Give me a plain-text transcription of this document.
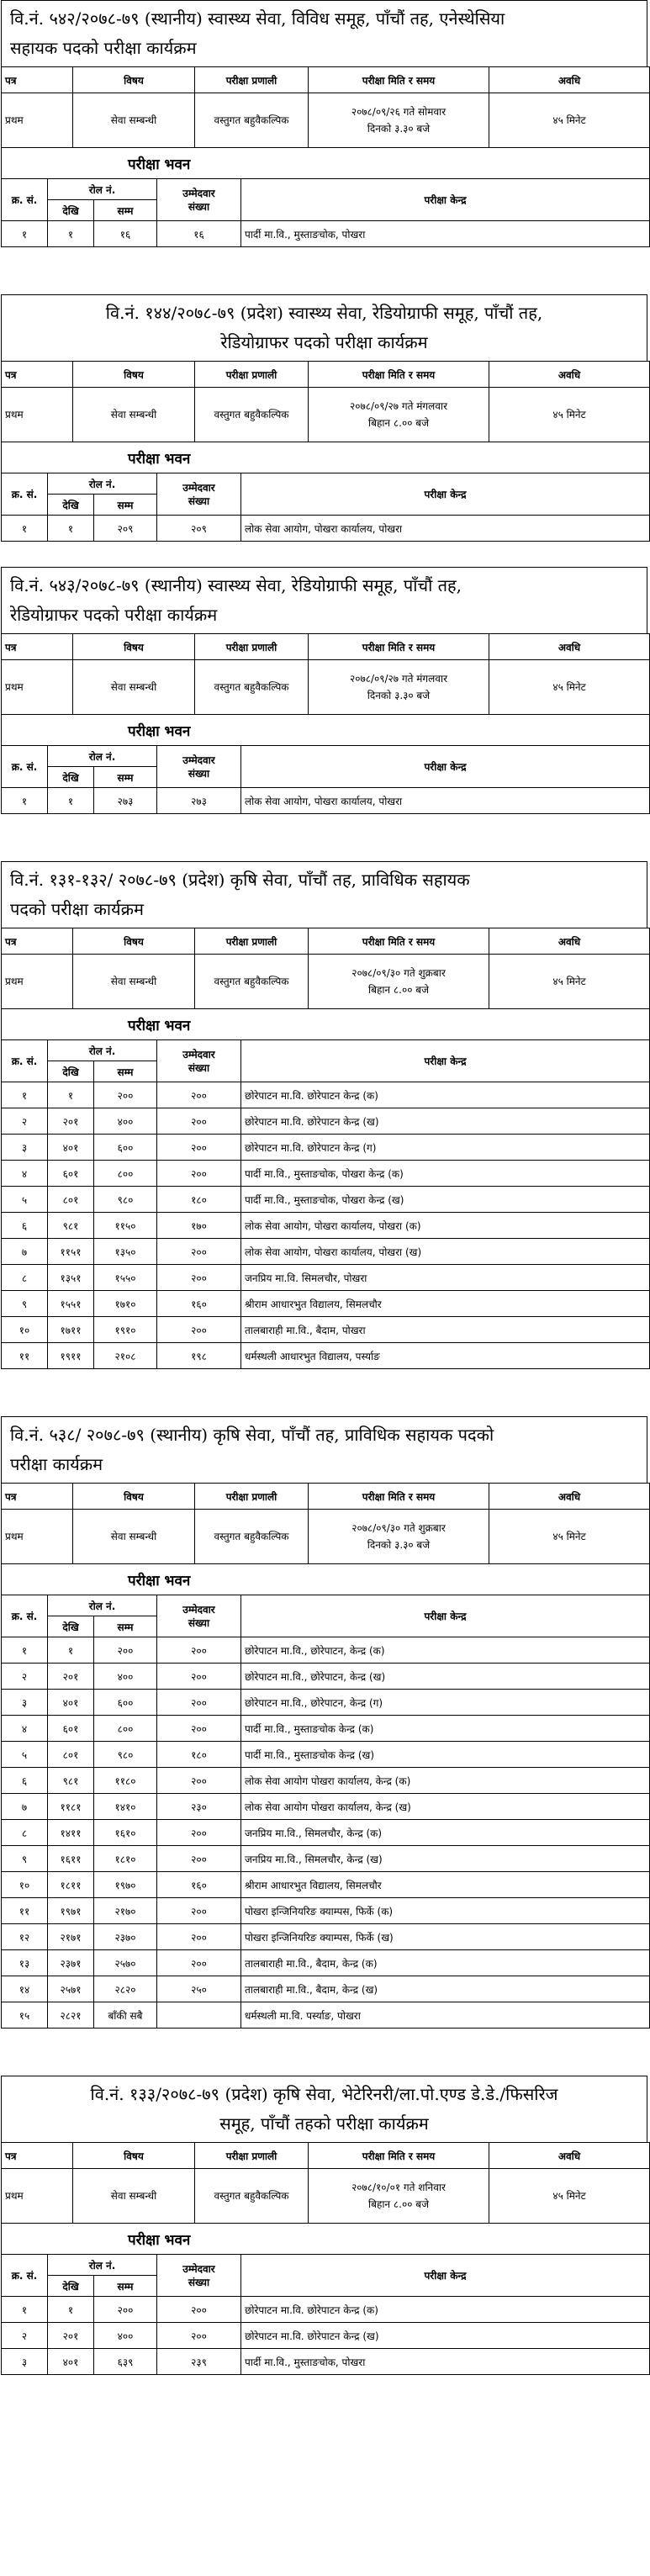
वि.नं. ५४२/२०७८-७९ (स्थानीय) स्वास्थ्य सेवा, विविध समूह, पाँचौं तह, एनेस्थेसिया
सहायक पदको परीक्षा कार्यक्रम
पत्र	विषय	परीक्षा प्रणाली	परीक्षा मिति र समय	अवधि
प्रथम	सेवा सम्बन्धी	वस्तुगत बहुवैकल्पिक	२०७८/०९/२६ गते सोमवार
दिनको ३.३० बजे	४५ मिनेट
परीक्षा भवन				
क्र. सं.	रोल नं.		उम्मेदवार
संख्या	परीक्षा केन्द्र
	देखि	सम्म		
१	१	१६	१६	पार्दी मा.वि., मुस्ताङचोक, पोखरा
वि.नं. १४४/२०७८-७९ (प्रदेश) स्वास्थ्य सेवा, रेडियोग्राफी समूह, पाँचौं तह,
रेडियोग्राफर पदको परीक्षा कार्यक्रम
पत्र	विषय	परीक्षा प्रणाली	परीक्षा मिति र समय	अवधि
प्रथम	सेवा सम्बन्धी	वस्तुगत बहुवैकल्पिक	२०७८/०९/२७ गते मंगलवार
बिहान ८.०० बजे	४५ मिनेट
परीक्षा भवन				
क्र. सं.	रोल नं.		उम्मेदवार
संख्या	परीक्षा केन्द्र
	देखि	सम्म		
१	१	२०९	२०९	लोक सेवा आयोग, पोखरा कार्यालय, पोखरा
वि.नं. ५४३/२०७८-७९ (स्थानीय) स्वास्थ्य सेवा, रेडियोग्राफी समूह, पाँचौं तह,
रेडियोग्राफर पदको परीक्षा कार्यक्रम
पत्र	विषय	परीक्षा प्रणाली	परीक्षा मिति र समय	अवधि
प्रथम	सेवा सम्बन्धी	वस्तुगत बहुवैकल्पिक	२०७८/०९/२७ गते मंगलवार
दिनको ३.३० बजे	४५ मिनेट
परीक्षा भवन				
क्र. सं.	रोल नं.		उम्मेदवार
संख्या	परीक्षा केन्द्र
	देखि	सम्म		
१	१	२७३	२७३	लोक सेवा आयोग, पोखरा कार्यालय, पोखरा
वि.नं. १३१-१३२/ २०७८-७९ (प्रदेश) कृषि सेवा, पाँचौं तह, प्राविधिक सहायक
पदको परीक्षा कार्यक्रम
पत्र	विषय	परीक्षा प्रणाली	परीक्षा मिति र समय	अवधि
प्रथम	सेवा सम्बन्धी	वस्तुगत बहुवैकल्पिक	२०७८/०९/३० गते शुक्रबार
बिहान ८.०० बजे	४५ मिनेट
परीक्षा भवन				
क्र. सं.	रोल नं.		उम्मेदवार
संख्या	परीक्षा केन्द्र
	देखि	सम्म		
१	१	२००	२००	छोरेपाटन मा.वि. छोरेपाटन केन्द्र (क)
२	२०१	४००	२००	छोरेपाटन मा.वि. छोरेपाटन केन्द्र (ख)
३	४०१	६००	२००	छोरेपाटन मा.वि. छोरेपाटन केन्द्र (ग)
४	६०१	८००	२००	पार्दी मा.वि., मुस्ताङचोक, पोखरा केन्द्र (क)
५	८०१	९८०	१८०	पार्दी मा.वि., मुस्ताङचोक, पोखरा केन्द्र (ख)
६	९८१	११५०	१७०	लोक सेवा आयोग, पोखरा कार्यालय, पोखरा (क)
७	११५१	१३५०	२००	लोक सेवा आयोग, पोखरा कार्यालय, पोखरा (ख)
८	१३५१	१५५०	२००	जनप्रिय मा.वि. सिमलचौर, पोखरा
९	१५५१	१७१०	१६०	श्रीराम आधारभुत विद्यालय, सिमलचौर
१०	१७११	१९१०	२००	तालबाराही मा.वि., बैदाम, पोखरा
११	१९११	२१०८	१९८	धर्मस्थली आधारभुत विद्यालय, पर्स्याङ
वि.नं. ५३८/ २०७८-७९ (स्थानीय) कृषि सेवा, पाँचौं तह, प्राविधिक सहायक पदको
परीक्षा कार्यक्रम
पत्र	विषय	परीक्षा प्रणाली	परीक्षा मिति र समय	अवधि
प्रथम	सेवा सम्बन्धी	वस्तुगत बहुवैकल्पिक	२०७८/०९/३० गते शुक्रबार
दिनको ३.३० बजे	४५ मिनेट
परीक्षा भवन				
क्र. सं.	रोल नं.		उम्मेदवार
संख्या	परीक्षा केन्द्र
	देखि	सम्म		
१	१	२००	२००	छोरेपाटन मा.वि., छोरेपाटन, केन्द्र (क)
२	२०१	४००	२००	छोरेपाटन मा.वि., छोरेपाटन, केन्द्र (ख)
३	४०१	६००	२००	छोरेपाटन मा.वि., छोरेपाटन, केन्द्र (ग)
४	६०१	८००	२००	पार्दी मा.वि., मुस्ताङचोक केन्द्र (क)
५	८०१	९८०	१८०	पार्दी मा.वि., मुस्ताङचोक केन्द्र (ख)
६	९८१	११८०	२००	लोक सेवा आयोग पोखरा कार्यालय, केन्द्र (क)
७	११८१	१४१०	२३०	लोक सेवा आयोग पोखरा कार्यालय, केन्द्र (ख)
८	१४११	१६१०	२००	जनप्रिय मा.वि., सिमलचौर, केन्द्र (क)
९	१६११	१८१०	२००	जनप्रिय मा.वि., सिमलचौर, केन्द्र (ख)
१०	१८११	१९७०	१६०	श्रीराम आधारभुत विद्यालय, सिमलचौर
११	१९७१	२१७०	२००	पोखरा इन्जिनियरिङ क्याम्पस, फिर्के (क)
१२	२१७१	२३७०	२००	पोखरा इन्जिनियरिङ क्याम्पस, फिर्के (ख)
१३	२३७१	२५७०	२००	तालबाराही मा.वि., बैदाम, केन्द्र (क)
१४	२५७१	२८२०	२५०	तालबाराही मा.वि., बैदाम, केन्द्र (ख)
१५	२८२१	बाँकी सबै		धर्मस्थली मा.वि. पर्स्याङ, पोखरा
वि.नं. १३३/२०७८-७९ (प्रदेश) कृषि सेवा, भेटेरिनरी/ला.पो.एण्ड डे.डे./फिसरिज
समूह, पाँचौं तहको परीक्षा कार्यक्रम
पत्र	विषय	परीक्षा प्रणाली	परीक्षा मिति र समय	अवधि
प्रथम	सेवा सम्बन्धी	वस्तुगत बहुवैकल्पिक	२०७८/१०/०१ गते शनिवार
बिहान ८.०० बजे	४५ मिनेट
परीक्षा भवन				
क्र. सं.	रोल नं.		उम्मेदवार
संख्या	परीक्षा केन्द्र
	देखि	सम्म		
१	१	२००	२००	छोरेपाटन मा.वि. छोरेपाटन केन्द्र (क)
२	२०१	४००	२००	छोरेपाटन मा.वि. छोरेपाटन केन्द्र (ख)
३	४०१	६३९	२३९	पार्दी मा.वि., मुस्ताङचोक, पोखरा
